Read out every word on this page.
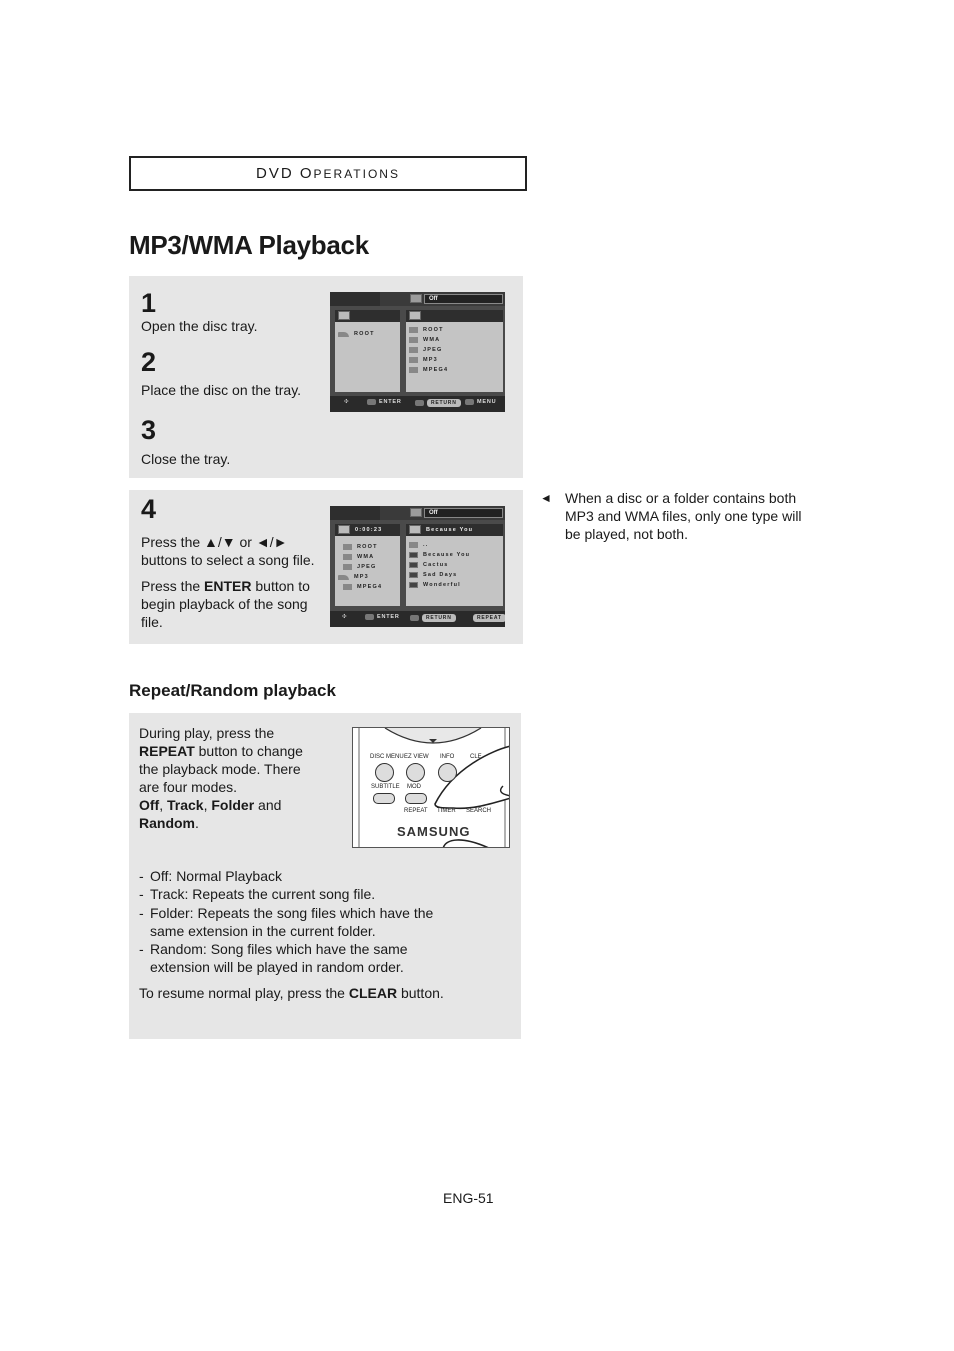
DVD O PERATIONS
MP3/WMA Playback
1
Open the disc tray.
2
Place the disc on the tray.
3
Close the tray.
Off
ROOT
ROOT
WMA
JPEG
MP3
MPEG4
✣	ENTER	RETURN	MENU
4
Press the ▲/▼ or ◄/►
buttons to select a song file.
Press the ENTER button to
begin playback of the song
file.
Off
0:00:23
ROOT
WMA
JPEG
MP3
MPEG4
Because You
..
Because You
Cactus
Sad Days
Wonderful
✣	ENTER	RETURN	REPEAT
◄ When a disc or a folder contains both MP3 and WMA files, only one type will be played, not both.
Repeat/Random playback
During play, press the
REPEAT button to change
the playback mode. There
are four modes.
Off, Track, Folder and
Random.
DISC MENU EZ VIEW INFO	CLE
SUBTITLE MOD
REPEAT TIMER SEARCH
SAMSUNG
- Off: Normal Playback
- Track: Repeats the current song file.
- Folder: Repeats the song files which have the same extension in the current folder.
- Random: Song files which have the same extension will be played in random order.
To resume normal play, press the CLEAR button.
ENG-51
